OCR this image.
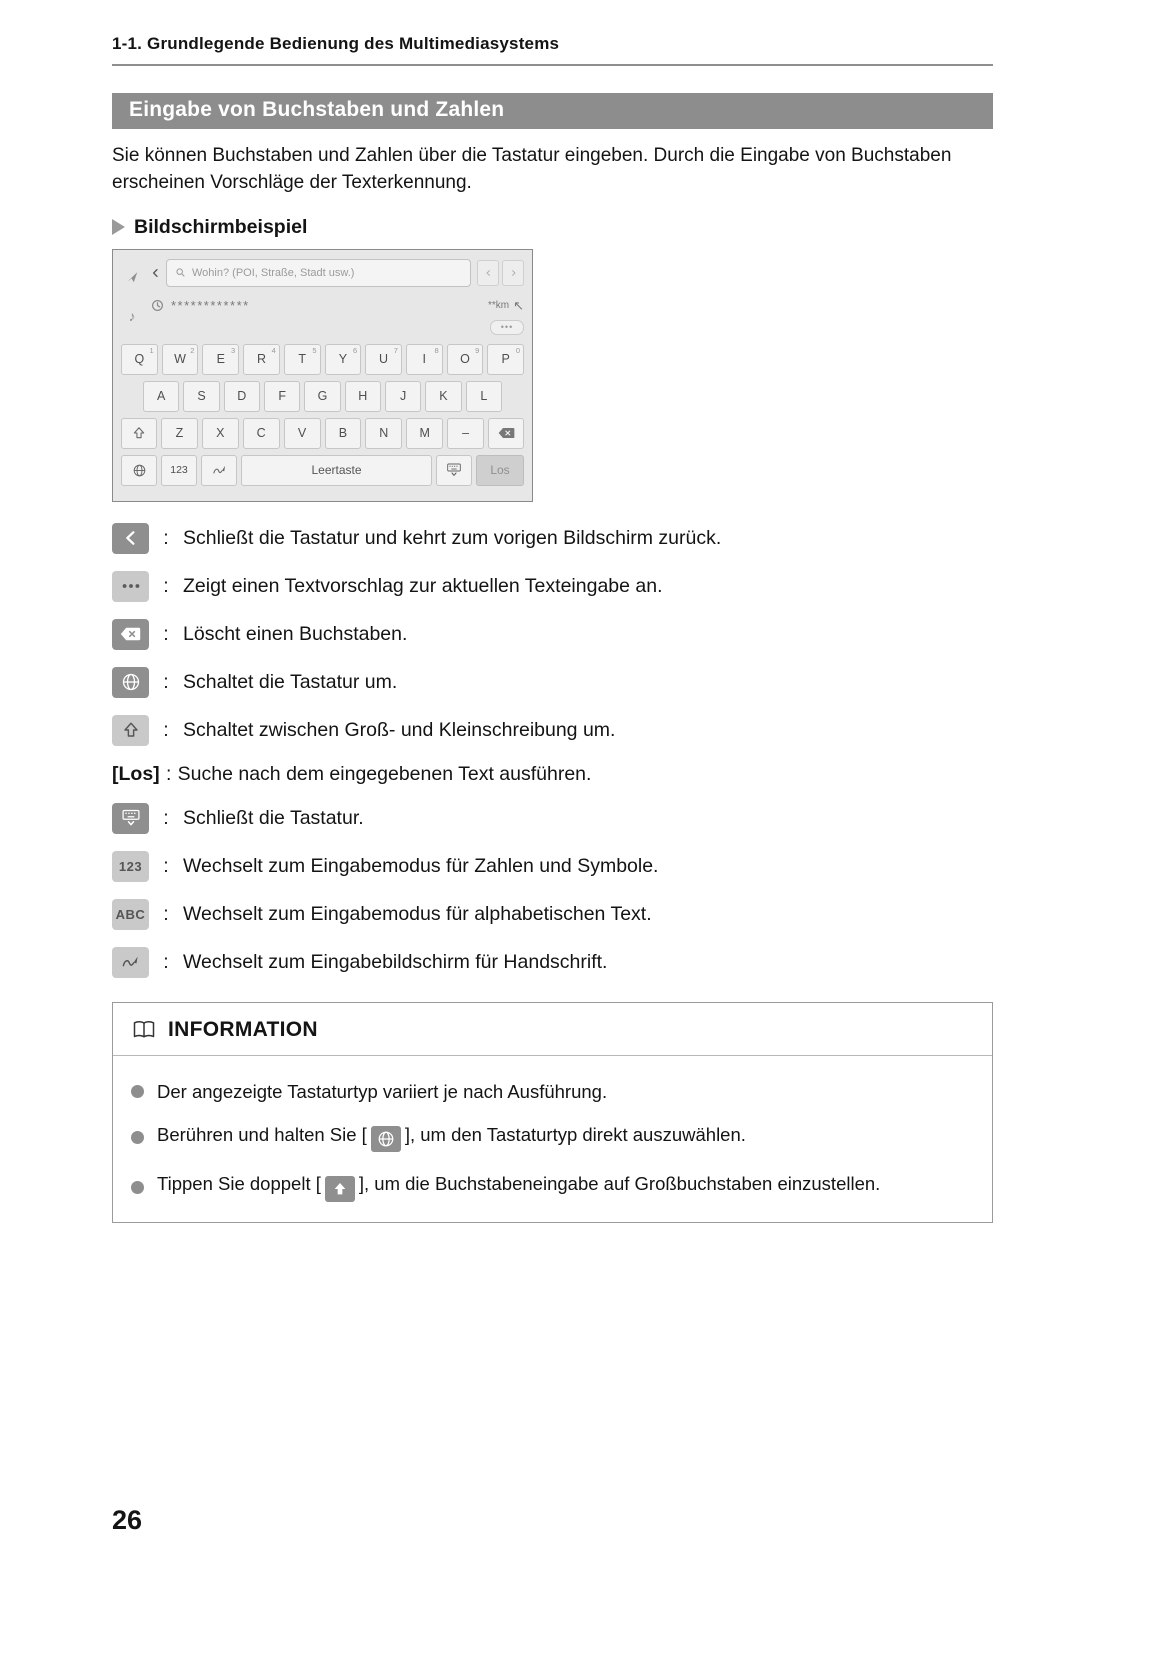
1-1. Grundlegende Bedienung des Multimediasystems
Eingabe von Buchstaben und Zahlen

Sie können Buchstaben und Zahlen über die Tastatur eingeben. Durch die Eingabe von Buchstaben erscheinen Vorschläge der Texterkennung.

Bildschirmbeispiel
♪
Wohin? (POI, Straße, Stadt usw.)
************	**km ↖
•••
Q
1
W
2
E
3
R
4
T
5
Y
6
U
7
I
8
O
9
P
0
A	S	D	F	G H	J	K	L
Z	X	C	V	B	N M	–
123	Leertaste	Los
: Schließt die Tastatur und kehrt zum vorigen Bildschirm zurück.
: Zeigt einen Textvorschlag zur aktuellen Texteingabe an.
: Löscht einen Buchstaben.
: Schaltet die Tastatur um.
: Schaltet zwischen Groß- und Kleinschreibung um.
[Los] : Suche nach dem eingegebenen Text ausführen.
: Schließt die Tastatur.
123	: Wechselt zum Eingabemodus für Zahlen und Symbole.
ABC : Wechselt zum Eingabemodus für alphabetischen Text.
: Wechselt zum Eingabebildschirm für Handschrift.
INFORMATION
Der angezeigte Tastaturtyp variiert je nach Ausführung.
Berühren und halten Sie [ ], um den Tastaturtyp direkt auszuwählen.
Tippen Sie doppelt [ ], um die Buchstabeneingabe auf Großbuchstaben einzustellen.
26
